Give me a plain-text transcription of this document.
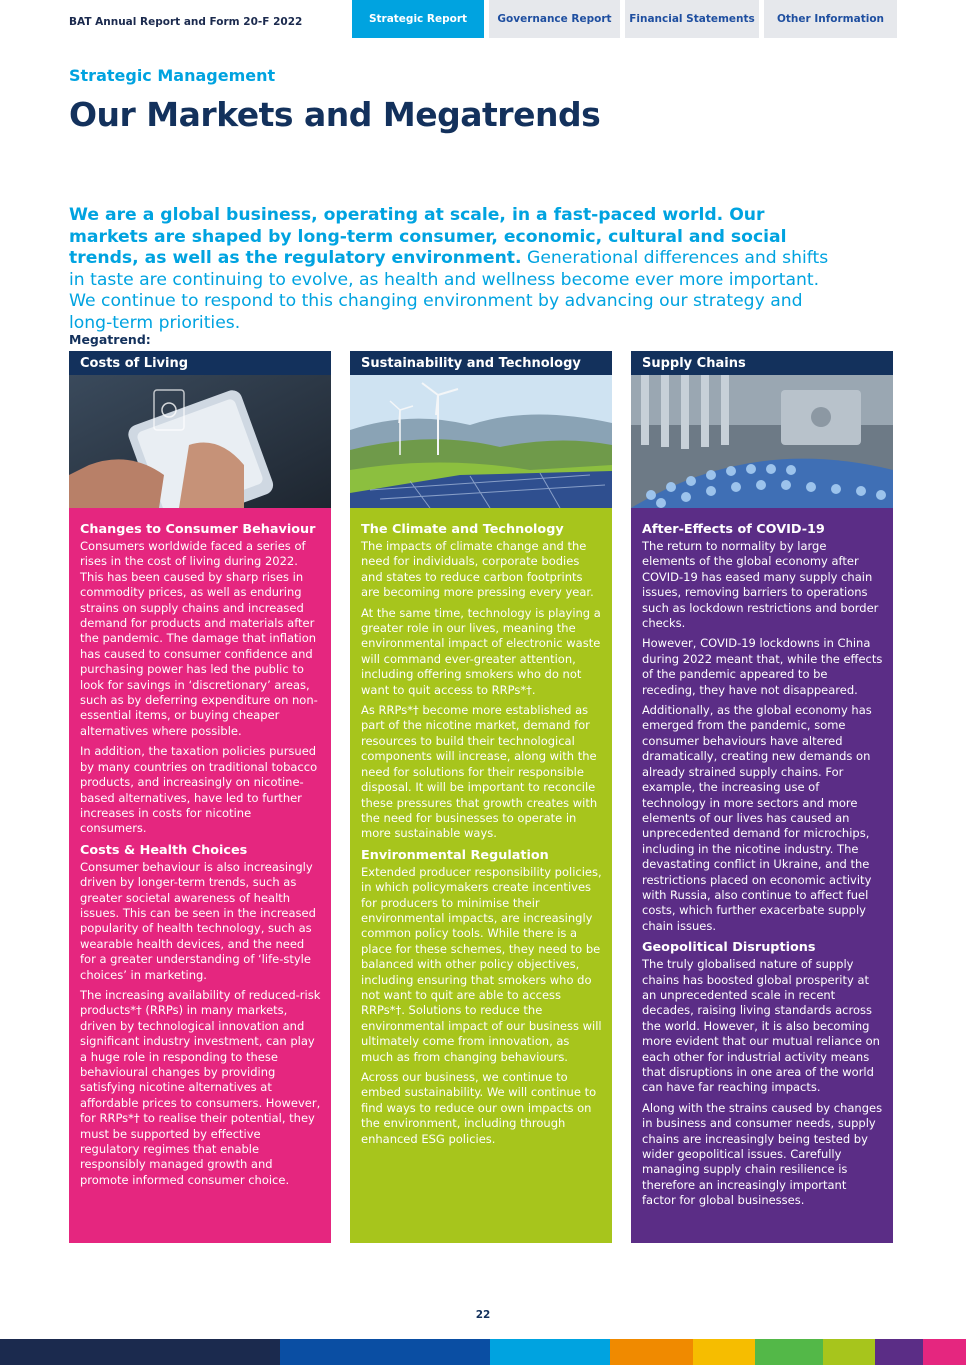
BAT Annual Report and Form 20-F 2022	Strategic Report	Governance Report	Financial Statements	Other Information
Strategic Management
Our Markets and Megatrends
We are a global business, operating at scale, in a fast-paced world. Our markets are shaped by long-term consumer, economic, cultural and social trends, as well as the regulatory environment. Generational differences and shifts in taste are continuing to evolve, as health and wellness become ever more important. We continue to respond to this changing environment by advancing our strategy and long-term priorities.
Megatrend:
Costs of Living
Changes to Consumer Behaviour

Consumers worldwide faced a series of rises in the cost of living during 2022. This has been caused by sharp rises in commodity prices, as well as enduring strains on supply chains and increased demand for products and materials after the pandemic. The damage that inflation has caused to consumer confidence and purchasing power has led the public to look for savings in ‘discretionary’ areas, such as by deferring expenditure on non-essential items, or buying cheaper alternatives where possible.

In addition, the taxation policies pursued by many countries on traditional tobacco products, and increasingly on nicotine-based alternatives, have led to further increases in costs for nicotine consumers.

Costs & Health Choices

Consumer behaviour is also increasingly driven by longer-term trends, such as greater societal awareness of health issues. This can be seen in the increased popularity of health technology, such as wearable health devices, and the need for a greater understanding of ‘life-style choices’ in marketing.

The increasing availability of reduced-risk products*† (RRPs) in many markets, driven by technological innovation and significant industry investment, can play a huge role in responding to these behavioural changes by providing satisfying nicotine alternatives at affordable prices to consumers. However, for RRPs*† to realise their potential, they must be supported by effective regulatory regimes that enable responsibly managed growth and promote informed consumer choice.

Sustainability and Technology
The Climate and Technology

The impacts of climate change and the need for individuals, corporate bodies and states to reduce carbon footprints are becoming more pressing every year.

At the same time, technology is playing a greater role in our lives, meaning the environmental impact of electronic waste will command ever-greater attention, including offering smokers who do not want to quit access to RRPs*†.

As RRPs*† become more established as part of the nicotine market, demand for resources to build their technological components will increase, along with the need for solutions for their responsible disposal. It will be important to reconcile these pressures that growth creates with the need for businesses to operate in more sustainable ways.

Environmental Regulation

Extended producer responsibility policies, in which policymakers create incentives for producers to minimise their environmental impacts, are increasingly common policy tools. While there is a place for these schemes, they need to be balanced with other policy objectives, including ensuring that smokers who do not want to quit are able to access RRPs*†. Solutions to reduce the environmental impact of our business will ultimately come from innovation, as much as from changing behaviours.

Across our business, we continue to embed sustainability. We will continue to find ways to reduce our own impacts on the environment, including through enhanced ESG policies.

Supply Chains
After-Effects of COVID-19

The return to normality by large elements of the global economy after COVID-19 has eased many supply chain issues, removing barriers to operations such as lockdown restrictions and border checks.

However, COVID-19 lockdowns in China during 2022 meant that, while the effects of the pandemic appeared to be receding, they have not disappeared.

Additionally, as the global economy has emerged from the pandemic, some consumer behaviours have altered dramatically, creating new demands on already strained supply chains. For example, the increasing use of technology in more sectors and more elements of our lives has caused an unprecedented demand for microchips, including in the nicotine industry. The devastating conflict in Ukraine, and the restrictions placed on economic activity with Russia, also continue to affect fuel costs, which further exacerbate supply chain issues.

Geopolitical Disruptions

The truly globalised nature of supply chains has boosted global prosperity at an unprecedented scale in recent decades, raising living standards across the world. However, it is also becoming more evident that our mutual reliance on each other for industrial activity means that disruptions in one area of the world can have far reaching impacts.

Along with the strains caused by changes in business and consumer needs, supply chains are increasingly being tested by wider geopolitical issues. Carefully managing supply chain resilience is therefore an increasingly important factor for global businesses.

22
